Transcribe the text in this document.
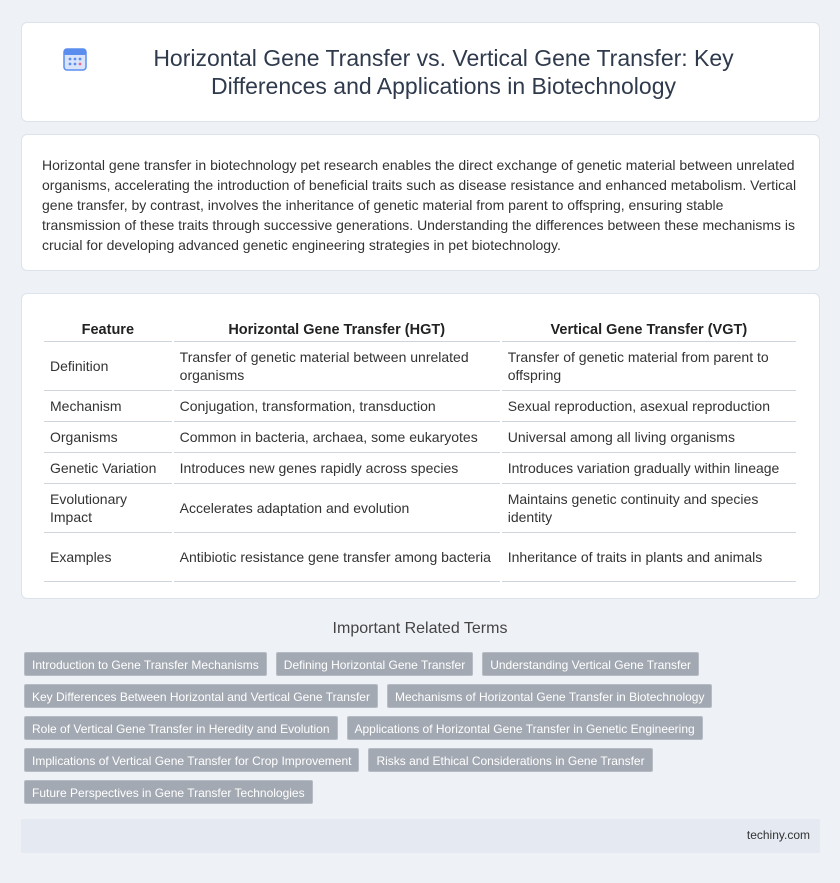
Horizontal Gene Transfer vs. Vertical Gene Transfer: Key Differences and Applications in Biotechnology

Horizontal gene transfer in biotechnology pet research enables the direct exchange of genetic material between unrelated organisms, accelerating the introduction of beneficial traits such as disease resistance and enhanced metabolism. Vertical gene transfer, by contrast, involves the inheritance of genetic material from parent to offspring, ensuring stable transmission of these traits through successive generations. Understanding the differences between these mechanisms is crucial for developing advanced genetic engineering strategies in pet biotechnology.

Feature	Horizontal Gene Transfer (HGT)	Vertical Gene Transfer (VGT)
Definition	Transfer of genetic material between unrelated organisms	Transfer of genetic material from parent to offspring
Mechanism	Conjugation, transformation, transduction	Sexual reproduction, asexual reproduction
Organisms	Common in bacteria, archaea, some eukaryotes	Universal among all living organisms
Genetic Variation	Introduces new genes rapidly across species	Introduces variation gradually within lineage
Evolutionary Impact	Accelerates adaptation and evolution	Maintains genetic continuity and species identity
Examples	Antibiotic resistance gene transfer among bacteria	Inheritance of traits in plants and animals
Important Related Terms
Introduction to Gene Transfer Mechanisms	Defining Horizontal Gene Transfer	Understanding Vertical Gene Transfer
Key Differences Between Horizontal and Vertical Gene Transfer	Mechanisms of Horizontal Gene Transfer in Biotechnology
Role of Vertical Gene Transfer in Heredity and Evolution	Applications of Horizontal Gene Transfer in Genetic Engineering
Implications of Vertical Gene Transfer for Crop Improvement	Risks and Ethical Considerations in Gene Transfer
Future Perspectives in Gene Transfer Technologies
techiny.com
